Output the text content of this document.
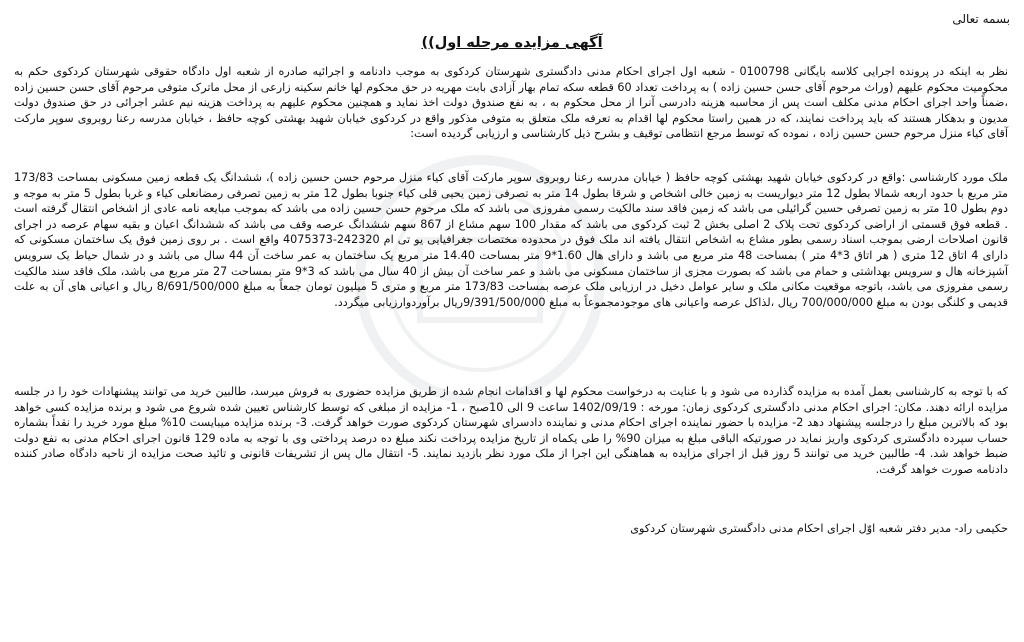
بسمه تعالی
آگهی مزایده مرحله اول))
نظر به اینکه در پرونده اجرایی کلاسه بایگانی 0100798 - شعبه اول اجرای احکام مدنی دادگستری شهرستان کردکوی به موجب دادنامه و اجرائیه صادره از شعبه اول دادگاه حقوقی شهرستان کردکوی حکم به محکومیت محکوم علیهم (وراث مرحوم آقای حسن حسین زاده ) به پرداخت تعداد 60 قطعه سکه تمام بهار آزادی بابت مهریه در حق محکوم لها خانم سکینه زارعی از محل ماترک متوفی مرحوم آقای حسن حسین زاده ،ضمناً واحد اجرای احکام مدنی مکلف است پس از محاسبه هزینه دادرسی آنرا از محل محکوم به ، به نفع صندوق دولت اخذ نماید و همچنین محکوم علیهم به پرداخت هزینه نیم عشر اجرائی در حق صندوق دولت مدیون و بدهکار هستند که باید پرداخت نمایند، که در همین راستا محکوم لها اقدام به تعرفه ملک متعلق به متوفی مذکور واقع در کردکوی خیابان شهید بهشتی کوچه حافظ ، خیابان مدرسه رعنا روبروی سوپر مارکت آقای کیاء منزل مرحوم حسن حسین زاده ، نموده که توسط مرجع انتظامی توقیف و بشرح ذیل کارشناسی و ارزیابی گردیده است:
ملک مورد کارشناسی :واقع در کردکوی خیابان شهید بهشتی کوچه حافظ ( خیابان مدرسه رعنا روبروی سوپر مارکت آقای کیاء منزل مرحوم حسن حسین زاده )، ششدانگ یک قطعه زمین مسکونی بمساحت 173/83 متر مربع با حدود اربعه شمالا بطول 12 متر دیواریست به زمین خالی اشخاص و شرقا بطول 14 متر به تصرفی زمین یحیی قلی کیاء جنوبا بطول 12 متر به زمین تصرفی رمضانعلی کیاء و غربا بطول 5 متر به موجه و دوم بطول 10 متر به زمین تصرفی حسین گرائیلی می باشد که زمین فاقد سند مالکیت رسمی مفروزی می باشد که ملک مرحوم حسن حسین زاده می باشد که بموجب مبایعه نامه عادی از اشخاص انتقال گرفته است . قطعه فوق قسمتی از اراضی کردکوی تحت پلاک 2 اصلی بخش 2 ثبت کردکوی می باشد که مقدار 100 سهم مشاع از 867 سهم ششدانگ عرصه وقف می باشد که ششدانگ اعیان و بقیه سهام عرصه در اجرای قانون اصلاحات ارضی بموجب اسناد رسمی بطور مشاع به اشخاص انتقال یافته اند ملک فوق در محدوده مختصات جغرافیایی یو تی ام 242320-4075373 واقع است . بر روی زمین فوق یک ساختمان مسکونی که دارای 4 اتاق 12 متری ( هر اتاق 3*4 متر ) بمساحت 48 متر مربع می باشد و دارای هال 1.60*9 متر بمساحت 14.40 متر مربع یک ساختمان به عمر ساخت آن 44 سال می باشد و در شمال حیاط یک سرویس آشپزخانه هال و سرویس بهداشتی و حمام می باشد که بصورت مجزی از ساختمان مسکونی می باشد و عمر ساخت آن بیش از 40 سال می باشد که 3*9 متر بمساحت 27 متر مربع می باشد، ملک فاقد سند مالکیت رسمی مفروزی می باشد، باتوجه موقعیت مکانی ملک و سایر عوامل دخیل در ارزیابی ملک عرصه بمساحت 173/83 متر مربع و متری 5 میلیون تومان جمعاً به مبلغ 8/691/500/000 ریال و اعیانی های آن به علت قدیمی و کلنگی بودن به مبلغ 700/000/000 ریال ،لذاکل عرصه واعیانی های موجودمجموعاً به مبلغ 9/391/500/000ریال برآوردوارزیابی میگردد.
که با توجه به کارشناسی بعمل آمده به مزایده گذارده می شود و با عنایت به درخواست محکوم لها و اقدامات انجام شده از طریق مزایده حضوری به فروش میرسد، طالبین خرید می توانند پیشنهادات خود را در جلسه مزایده ارائه دهند. مکان: اجرای احکام مدنی دادگستری کردکوی زمان: مورخه : 1402/09/19 ساعت 9 الی 10صبح ، 1- مزایده از مبلغی که توسط کارشناس تعیین شده شروع می شود و برنده مزایده کسی خواهد بود که بالاترین مبلغ را درجلسه پیشنهاد دهد 2- مزایده با حضور نماینده اجرای احکام مدنی و نماینده دادسرای شهرستان کردکوی صورت خواهد گرفت. 3- برنده مزایده میبایست 10% مبلغ مورد خرید را نقداً بشماره حساب سپرده دادگستری کردکوی واریز نماید در صورتیکه الباقی مبلغ به میزان 90% را طی یکماه از تاریخ مزایده پرداخت نکند مبلغ ده درصد پرداختی وی با توجه به ماده 129 قانون اجرای احکام مدنی به نفع دولت ضبط خواهد شد. 4- طالبین خرید می توانند 5 روز قبل از اجرای مزایده به هماهنگی این اجرا از ملک مورد نظر بازدید نمایند. 5- انتقال مال پس از تشریفات قانونی و تائید صحت مزایده از ناحیه دادگاه صادر کننده دادنامه صورت خواهد گرفت.
حکیمی راد- مدیر دفتر شعبه اوّل اجرای احکام مدنی دادگستری شهرستان کردکوی
